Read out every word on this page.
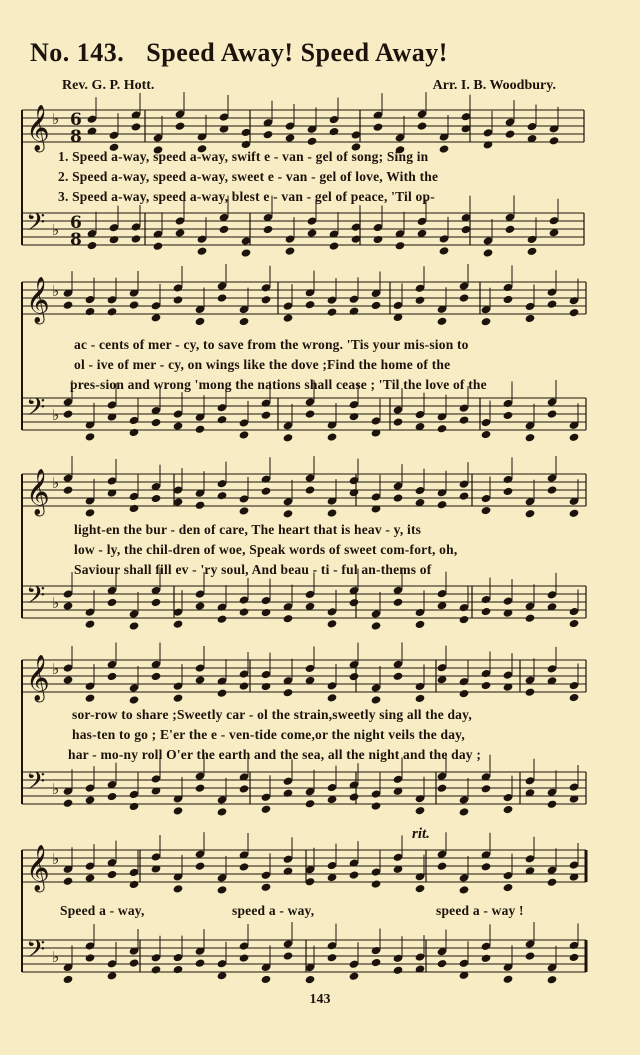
No. 143. Speed Away! Speed Away!
Rev. G. P. Hott.	Arr. I. B. Woodbury.
𝄞 ♭ 6
8
𝄢 ♭ 6
8
𝄞 ♭
𝄢 ♭
𝄞 ♭
𝄢 ♭
𝄞 ♭
𝄢 ♭
𝄞 ♭
𝄢 ♭
1. Speed a-way, speed a-way, swift e - van - gel of song; Sing in
2. Speed a-way, speed a-way, sweet e - van - gel of love, With the
3. Speed a-way, speed a-way, blest e - van - gel of peace, 'Til op-
ac - cents of mer - cy, to save from the wrong. 'Tis your mis-sion to
ol - ive of mer - cy, on wings like the dove ;Find the home of the
pres-sion and wrong 'mong the nations shall cease ; 'Til the love of the
light-en the bur - den of care, The heart that is heav - y, its
low - ly, the chil-dren of woe, Speak words of sweet com-fort, oh,
Saviour shall fill ev - 'ry soul, And beau - ti - ful an-thems of
sor-row to share ;Sweetly car - ol the strain,sweetly sing all the day,
has-ten to go ; E'er the e - ven-tide come,or the night veils the day,
har - mo-ny roll O'er the earth and the sea, all the night and the day ;
Speed a - way,	speed a - way,	speed a - way !
rit.
143
